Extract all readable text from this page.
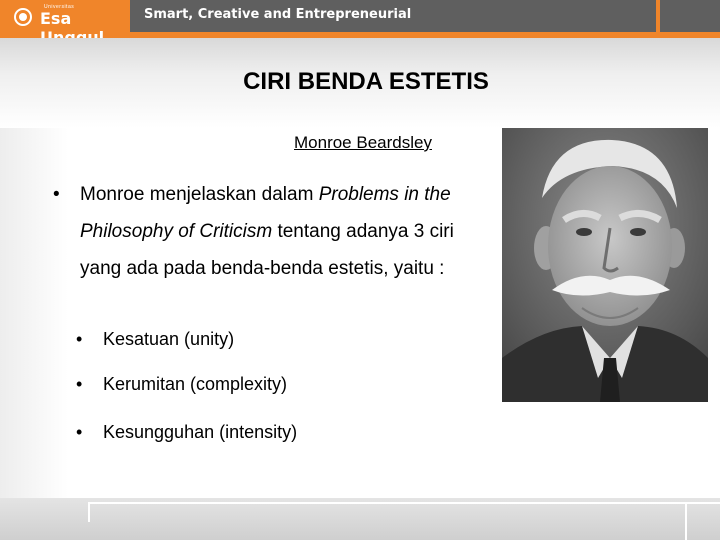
Universitas
Esa	Smart, Creative and Entrepreneurial
CIRI BENDA ESTETIS
Monroe Beardsley
• Monroe menjelaskan dalam Problems in the Philosophy of Criticism tentang adanya 3 ciri yang ada pada benda-benda estetis, yaitu :
• Kesatuan (unity)
• Kerumitan (complexity)
• Kesungguhan (intensity)
